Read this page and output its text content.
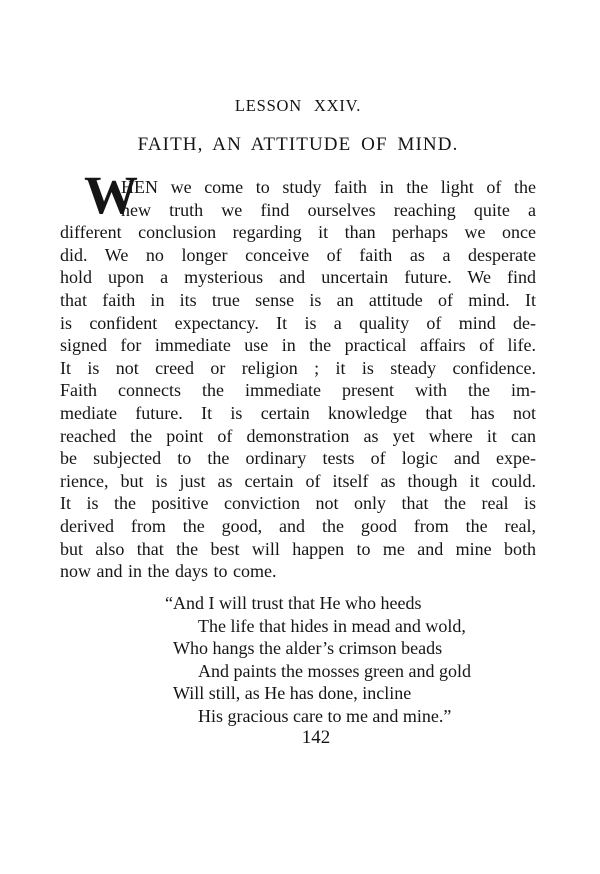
LESSON XXIV.
FAITH, AN ATTITUDE OF MIND.
W
HEN we come to study faith in the light of the
new truth we find ourselves reaching quite a
different conclusion regarding it than perhaps we once
did. We no longer conceive of faith as a desperate
hold upon a mysterious and uncertain future. We find
that faith in its true sense is an attitude of mind. It
is confident expectancy. It is a quality of mind de-
signed for immediate use in the practical affairs of life.
It is not creed or religion ; it is steady confidence.
Faith connects the immediate present with the im-
mediate future. It is certain knowledge that has not
reached the point of demonstration as yet where it can
be subjected to the ordinary tests of logic and expe-
rience, but is just as certain of itself as though it could.
It is the positive conviction not only that the real is
derived from the good, and the good from the real,
but also that the best will happen to me and mine both
now and in the days to come.
“And I will trust that He who heeds
The life that hides in mead and wold,
Who hangs the alder’s crimson beads
And paints the mosses green and gold
Will still, as He has done, incline
His gracious care to me and mine.”
142
